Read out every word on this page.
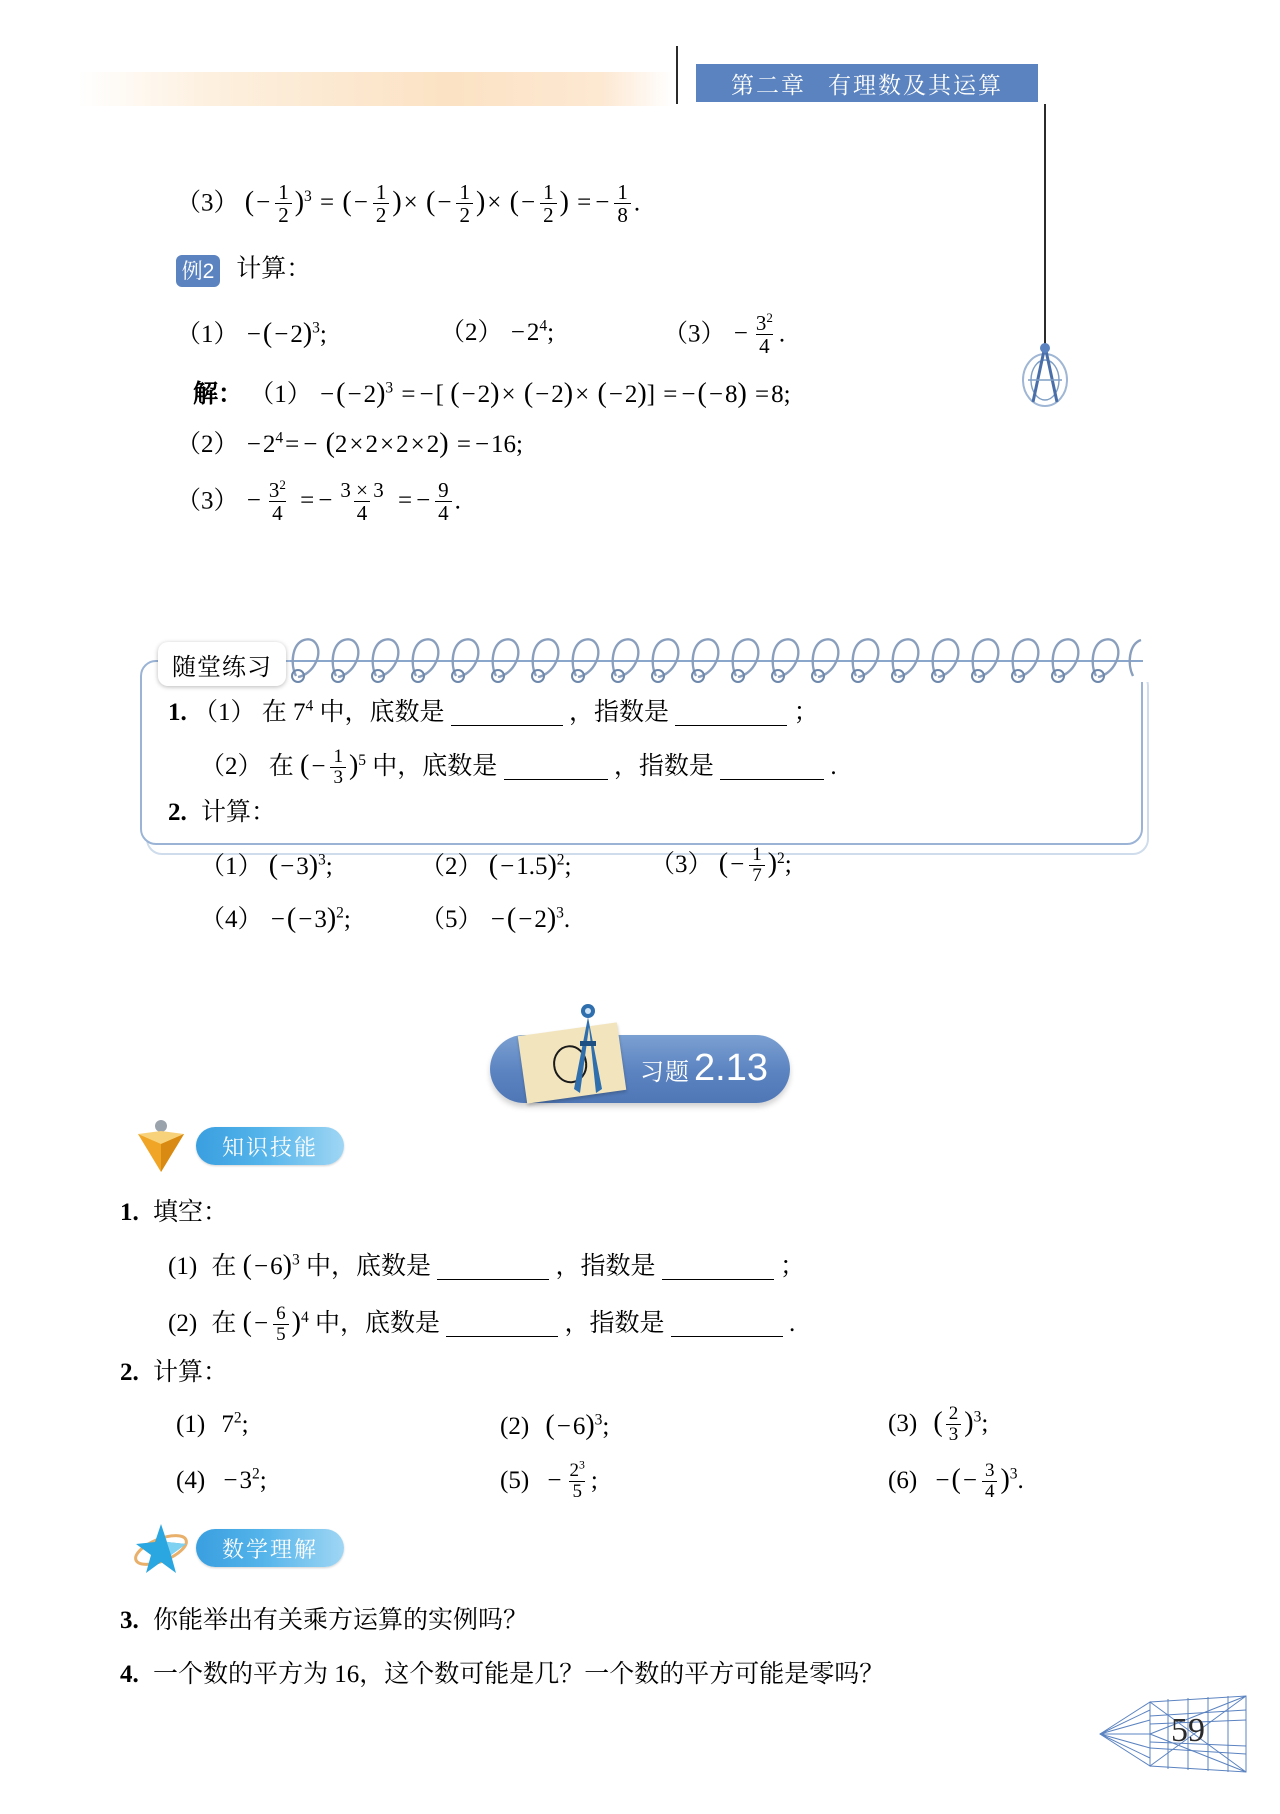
第二章 有理数及其运算
（3） (− $\frac{1}{2} )^3$ = (− $\frac{1}{2}$ )× (− $\frac{1}{2}$ )× (− $\frac{1}{2}$ ) = − $\frac{1}{8}$ .
例2 计算：
$(1) -(-2)^3$;	$(2) -2^4$;	$(3) - \frac{3^2}{4}$ .
解： $(1) -(-2)^3$ = −[ (−2)× (−2)× (−2)] = −(−8) =8;
$(2) -2^4= - (2\times 2\times 2\times 2) = -16$;
$(3) - \frac{3^2}{4}$ = − $\frac{3 \times 3}{4}$ = − $\frac{9}{4}$ .
随堂练习
1. （1） 在 $7^4$ 中，底数是	，指数是	；
（2） 在 (− $\frac{1}{3} )^5$ 中，底数是	，指数是	.
2. 计算：
（1） $(-3)^3$;	（2） $(-1.5)^2$;	（3） (− $\frac{1}{7} )^2$;
$(4) -(-3)^2$;	$(5) -(-2)^3$.
习题 2.13
知识技能
1. 填空：
(1) 在 $(-6)^3$ 中，底数是	，指数是	；
(2) 在 (− $\frac{6}{5} )^4$ 中，底数是	，指数是	.
2. 计算：
(1) $7^2$;	(2) $(-6)^3$;	(3) ( $\frac{2}{3} )^3$;
$(4) -3^2$;	$(5) - \frac{2^3}{5}$ ;	(6) −(− $\frac{3}{4} )^3$.
数学理解
3. 你能举出有关乘方运算的实例吗？
4. 一个数的平方为 16，这个数可能是几？一个数的平方可能是零吗？
59
